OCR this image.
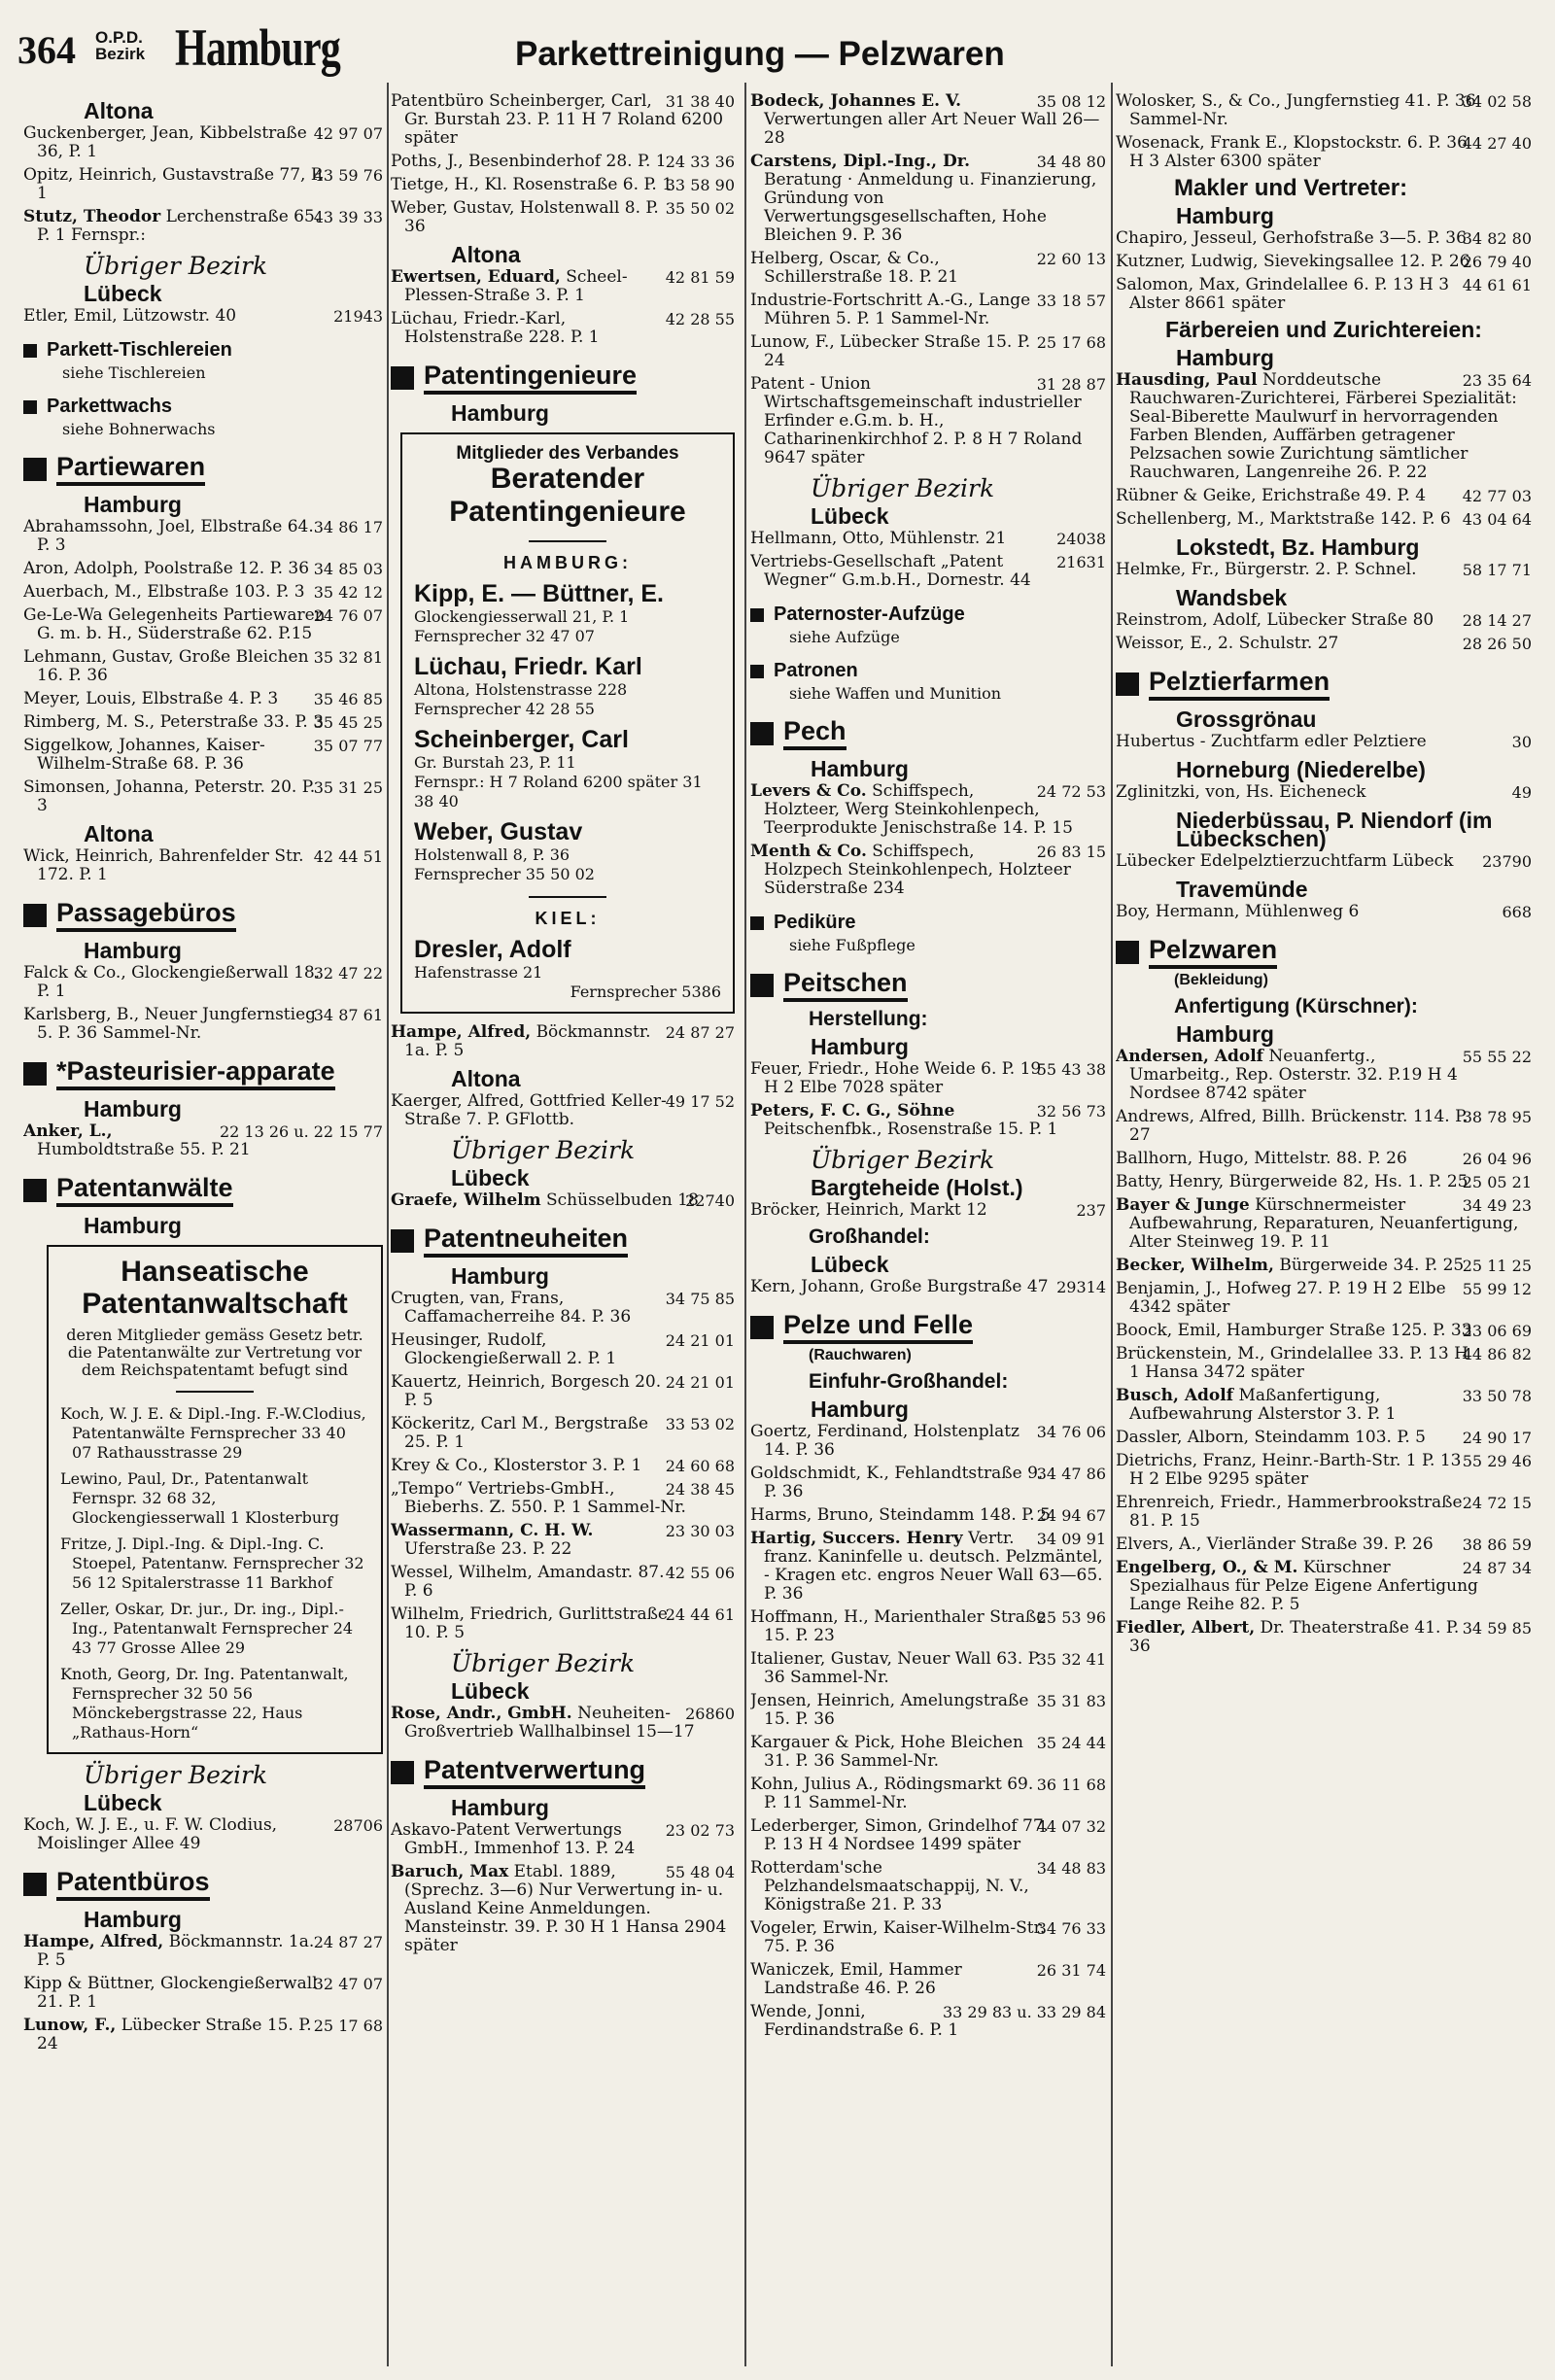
364 O.P.D.
Bezirk Hamburg	Parkettreinigung — Pelzwaren
Altona
42 97 07
Guckenberger, Jean, Kibbelstraße 36, P. 1
43 59 76
Opitz, Heinrich, Gustavstraße 77, P. 1
43 39 33
Stutz, Theodor Lerchenstraße 65. P. 1 Fernspr.:
Übriger Bezirk
Lübeck
21943
Etler, Emil, Lützowstr. 40
Parkett-Tischlereien
siehe Tischlereien
Parkettwachs
siehe Bohnerwachs
Partiewaren
Hamburg
34 86 17
Abrahamssohn, Joel, Elbstraße 64. P. 3
34 85 03
Aron, Adolph, Poolstraße 12. P. 36
35 42 12
Auerbach, M., Elbstraße 103. P. 3
24 76 07
Ge-Le-Wa Gelegenheits Partiewaren G. m. b. H., Süderstraße 62. P.15
35 32 81
Lehmann, Gustav, Große Bleichen 16. P. 36
35 46 85
Meyer, Louis, Elbstraße 4. P. 3
35 45 25
Rimberg, M. S., Peterstraße 33. P. 3
35 07 77
Siggelkow, Johannes, Kaiser-Wilhelm-Straße 68. P. 36
35 31 25
Simonsen, Johanna, Peterstr. 20. P. 3
Altona
42 44 51
Wick, Heinrich, Bahrenfelder Str. 172. P. 1
Passagebüros
Hamburg
32 47 22
Falck & Co., Glockengießerwall 18. P. 1
34 87 61
Karlsberg, B., Neuer Jungfernstieg 5. P. 36 Sammel-Nr.
*Pasteurisier-apparate
Hamburg
22 13 26 u. 22 15 77
Anker, L., Humboldtstraße 55. P. 21
Patentanwälte
Hamburg
Hanseatische
Patentanwaltschaft
deren Mitglieder gemäss Gesetz betr. die Patentanwälte zur Vertretung vor dem Reichspatentamt befugt sind
Koch, W. J. E. & Dipl.-Ing. F.-W.Clodius, Patentanwälte Fernsprecher 33 40 07 Rathausstrasse 29
Lewino, Paul, Dr., Patentanwalt Fernspr. 32 68 32, Glockengiesserwall 1 Klosterburg
Fritze, J. Dipl.-Ing. & Dipl.-Ing. C. Stoepel, Patentanw. Fernsprecher 32 56 12 Spitalerstrasse 11 Barkhof
Zeller, Oskar, Dr. jur., Dr. ing., Dipl.-Ing., Patentanwalt Fernsprecher 24 43 77 Grosse Allee 29
Knoth, Georg, Dr. Ing. Patentanwalt, Fernsprecher 32 50 56 Mönckebergstrasse 22, Haus „Rathaus-Horn“
Übriger Bezirk
Lübeck
28706
Koch, W. J. E., u. F. W. Clodius, Moislinger Allee 49
Patentbüros
Hamburg
24 87 27
Hampe, Alfred, Böckmannstr. 1a. P. 5
32 47 07
Kipp & Büttner, Glockengießerwall 21. P. 1
25 17 68
Lunow, F., Lübecker Straße 15. P. 24
31 38 40
Patentbüro Scheinberger, Carl, Gr. Burstah 23. P. 11 H 7 Roland 6200 später
24 33 36
Poths, J., Besenbinderhof 28. P. 1
33 58 90
Tietge, H., Kl. Rosenstraße 6. P. 1
35 50 02
Weber, Gustav, Holstenwall 8. P. 36
Altona
42 81 59
Ewertsen, Eduard, Scheel-Plessen-Straße 3. P. 1
42 28 55
Lüchau, Friedr.-Karl, Holstenstraße 228. P. 1
Patentingenieure
Hamburg
Mitglieder des Verbandes
Beratender Patentingenieure
HAMBURG:
Kipp, E. — Büttner, E.
Glockengiesserwall 21, P. 1
Fernsprecher 32 47 07
Lüchau, Friedr. Karl
Altona, Holstenstrasse 228
Fernsprecher 42 28 55
Scheinberger, Carl
Gr. Burstah 23, P. 11
Fernspr.: H 7 Roland 6200 später 31 38 40
Weber, Gustav
Holstenwall 8, P. 36
Fernsprecher 35 50 02
KIEL:
Dresler, Adolf
Hafenstrasse 21
Fernsprecher 5386
24 87 27
Hampe, Alfred, Böckmannstr. 1a. P. 5
Altona
49 17 52
Kaerger, Alfred, Gottfried Keller-Straße 7. P. GFlottb.
Übriger Bezirk
Lübeck
22740
Graefe, Wilhelm Schüsselbuden 18
Patentneuheiten
Hamburg
34 75 85
Crugten, van, Frans, Caffamacherreihe 84. P. 36
24 21 01
Heusinger, Rudolf, Glockengießerwall 2. P. 1
24 21 01
Kauertz, Heinrich, Borgesch 20. P. 5
33 53 02
Köckeritz, Carl M., Bergstraße 25. P. 1
24 60 68
Krey & Co., Klosterstor 3. P. 1
24 38 45
„Tempo“ Vertriebs-GmbH., Bieberhs. Z. 550. P. 1 Sammel-Nr.
23 30 03
Wassermann, C. H. W. Uferstraße 23. P. 22
42 55 06
Wessel, Wilhelm, Amandastr. 87. P. 6
24 44 61
Wilhelm, Friedrich, Gurlittstraße 10. P. 5
Übriger Bezirk
Lübeck
26860
Rose, Andr., GmbH. Neuheiten-Großvertrieb Wallhalbinsel 15—17
Patentverwertung
Hamburg
23 02 73
Askavo-Patent Verwertungs GmbH., Immenhof 13. P. 24
55 48 04
Baruch, Max Etabl. 1889, (Sprechz. 3—6) Nur Verwertung in- u. Ausland Keine Anmeldungen. Mansteinstr. 39. P. 30 H 1 Hansa 2904 später
35 08 12
Bodeck, Johannes E. V. Verwertungen aller Art Neuer Wall 26—28
34 48 80
Carstens, Dipl.-Ing., Dr. Beratung · Anmeldung u. Finanzierung, Gründung von Verwertungsgesellschaften, Hohe Bleichen 9. P. 36
22 60 13
Helberg, Oscar, & Co., Schillerstraße 18. P. 21
33 18 57
Industrie-Fortschritt A.-G., Lange Mühren 5. P. 1 Sammel-Nr.
25 17 68
Lunow, F., Lübecker Straße 15. P. 24
31 28 87
Patent - Union Wirtschaftsgemeinschaft industrieller Erfinder e.G.m. b. H., Catharinenkirchhof 2. P. 8 H 7 Roland 9647 später
Übriger Bezirk
Lübeck
24038
Hellmann, Otto, Mühlenstr. 21
21631
Vertriebs-Gesellschaft „Patent Wegner“ G.m.b.H., Dornestr. 44
Paternoster-Aufzüge
siehe Aufzüge
Patronen
siehe Waffen und Munition
Pech
Hamburg
24 72 53
Levers & Co. Schiffspech, Holzteer, Werg Steinkohlenpech, Teerprodukte Jenischstraße 14. P. 15
26 83 15
Menth & Co. Schiffspech, Holzpech Steinkohlenpech, Holzteer Süderstraße 234
Pediküre
siehe Fußpflege
Peitschen
Herstellung:
Hamburg
55 43 38
Feuer, Friedr., Hohe Weide 6. P. 19 H 2 Elbe 7028 später
32 56 73
Peters, F. C. G., Söhne Peitschenfbk., Rosenstraße 15. P. 1
Übriger Bezirk
Bargteheide (Holst.)
237
Bröcker, Heinrich, Markt 12
Großhandel:
Lübeck
29314
Kern, Johann, Große Burgstraße 47
Pelze und Felle
(Rauchwaren)
Einfuhr-Großhandel:
Hamburg
34 76 06
Goertz, Ferdinand, Holstenplatz 14. P. 36
34 47 86
Goldschmidt, K., Fehlandtstraße 9. P. 36
24 94 67
Harms, Bruno, Steindamm 148. P. 5
34 09 91
Hartig, Succers. Henry Vertr. franz. Kaninfelle u. deutsch. Pelzmäntel, - Kragen etc. engros Neuer Wall 63—65. P. 36
25 53 96
Hoffmann, H., Marienthaler Straße 15. P. 23
35 32 41
Italiener, Gustav, Neuer Wall 63. P. 36 Sammel-Nr.
35 31 83
Jensen, Heinrich, Amelungstraße 15. P. 36
35 24 44
Kargauer & Pick, Hohe Bleichen 31. P. 36 Sammel-Nr.
36 11 68
Kohn, Julius A., Rödingsmarkt 69. P. 11 Sammel-Nr.
44 07 32
Lederberger, Simon, Grindelhof 77. P. 13 H 4 Nordsee 1499 später
34 48 83
Rotterdam'sche Pelzhandelsmaatschappij, N. V., Königstraße 21. P. 33
34 76 33
Vogeler, Erwin, Kaiser-Wilhelm-Str. 75. P. 36
26 31 74
Waniczek, Emil, Hammer Landstraße 46. P. 26
33 29 83 u. 33 29 84
Wende, Jonni, Ferdinandstraße 6. P. 1
34 02 58
Wolosker, S., & Co., Jungfernstieg 41. P. 36 Sammel-Nr.
44 27 40
Wosenack, Frank E., Klopstockstr. 6. P. 36 H 3 Alster 6300 später
Makler und Vertreter:
Hamburg
34 82 80
Chapiro, Jesseul, Gerhofstraße 3—5. P. 36
26 79 40
Kutzner, Ludwig, Sievekingsallee 12. P. 26
44 61 61
Salomon, Max, Grindelallee 6. P. 13 H 3 Alster 8661 später
Färbereien und Zurichtereien:
Hamburg
23 35 64
Hausding, Paul Norddeutsche Rauchwaren-Zurichterei, Färberei Spezialität: Seal-Biberette Maulwurf in hervorragenden Farben Blenden, Auffärben getragener Pelzsachen sowie Zurichtung sämtlicher Rauchwaren, Langenreihe 26. P. 22
42 77 03
Rübner & Geike, Erichstraße 49. P. 4
43 04 64
Schellenberg, M., Marktstraße 142. P. 6
Lokstedt, Bz. Hamburg
58 17 71
Helmke, Fr., Bürgerstr. 2. P. Schnel.
Wandsbek
28 14 27
Reinstrom, Adolf, Lübecker Straße 80
28 26 50
Weissor, E., 2. Schulstr. 27
Pelztierfarmen
Grossgrönau
30
Hubertus - Zuchtfarm edler Pelztiere
Horneburg (Niederelbe)
49
Zglinitzki, von, Hs. Eicheneck
Niederbüssau, P. Niendorf (im Lübeckschen)
23790
Lübecker Edelpelztierzuchtfarm Lübeck
Travemünde
668
Boy, Hermann, Mühlenweg 6
Pelzwaren
(Bekleidung)
Anfertigung (Kürschner):
Hamburg
55 55 22
Andersen, Adolf Neuanfertg., Umarbeitg., Rep. Osterstr. 32. P.19 H 4 Nordsee 8742 später
38 78 95
Andrews, Alfred, Billh. Brückenstr. 114. P. 27
26 04 96
Ballhorn, Hugo, Mittelstr. 88. P. 26
25 05 21
Batty, Henry, Bürgerweide 82, Hs. 1. P. 25
34 49 23
Bayer & Junge Kürschnermeister Aufbewahrung, Reparaturen, Neuanfertigung, Alter Steinweg 19. P. 11
25 11 25
Becker, Wilhelm, Bürgerweide 34. P. 25
55 99 12
Benjamin, J., Hofweg 27. P. 19 H 2 Elbe 4342 später
23 06 69
Boock, Emil, Hamburger Straße 125. P. 33
44 86 82
Brückenstein, M., Grindelallee 33. P. 13 H 1 Hansa 3472 später
33 50 78
Busch, Adolf Maßanfertigung, Aufbewahrung Alsterstor 3. P. 1
24 90 17
Dassler, Alborn, Steindamm 103. P. 5
55 29 46
Dietrichs, Franz, Heinr.-Barth-Str. 1 P. 13 H 2 Elbe 9295 später
24 72 15
Ehrenreich, Friedr., Hammerbrookstraße 81. P. 15
38 86 59
Elvers, A., Vierländer Straße 39. P. 26
24 87 34
Engelberg, O., & M. Kürschner Spezialhaus für Pelze Eigene Anfertigung Lange Reihe 82. P. 5
34 59 85
Fiedler, Albert, Dr. Theaterstraße 41. P. 36
